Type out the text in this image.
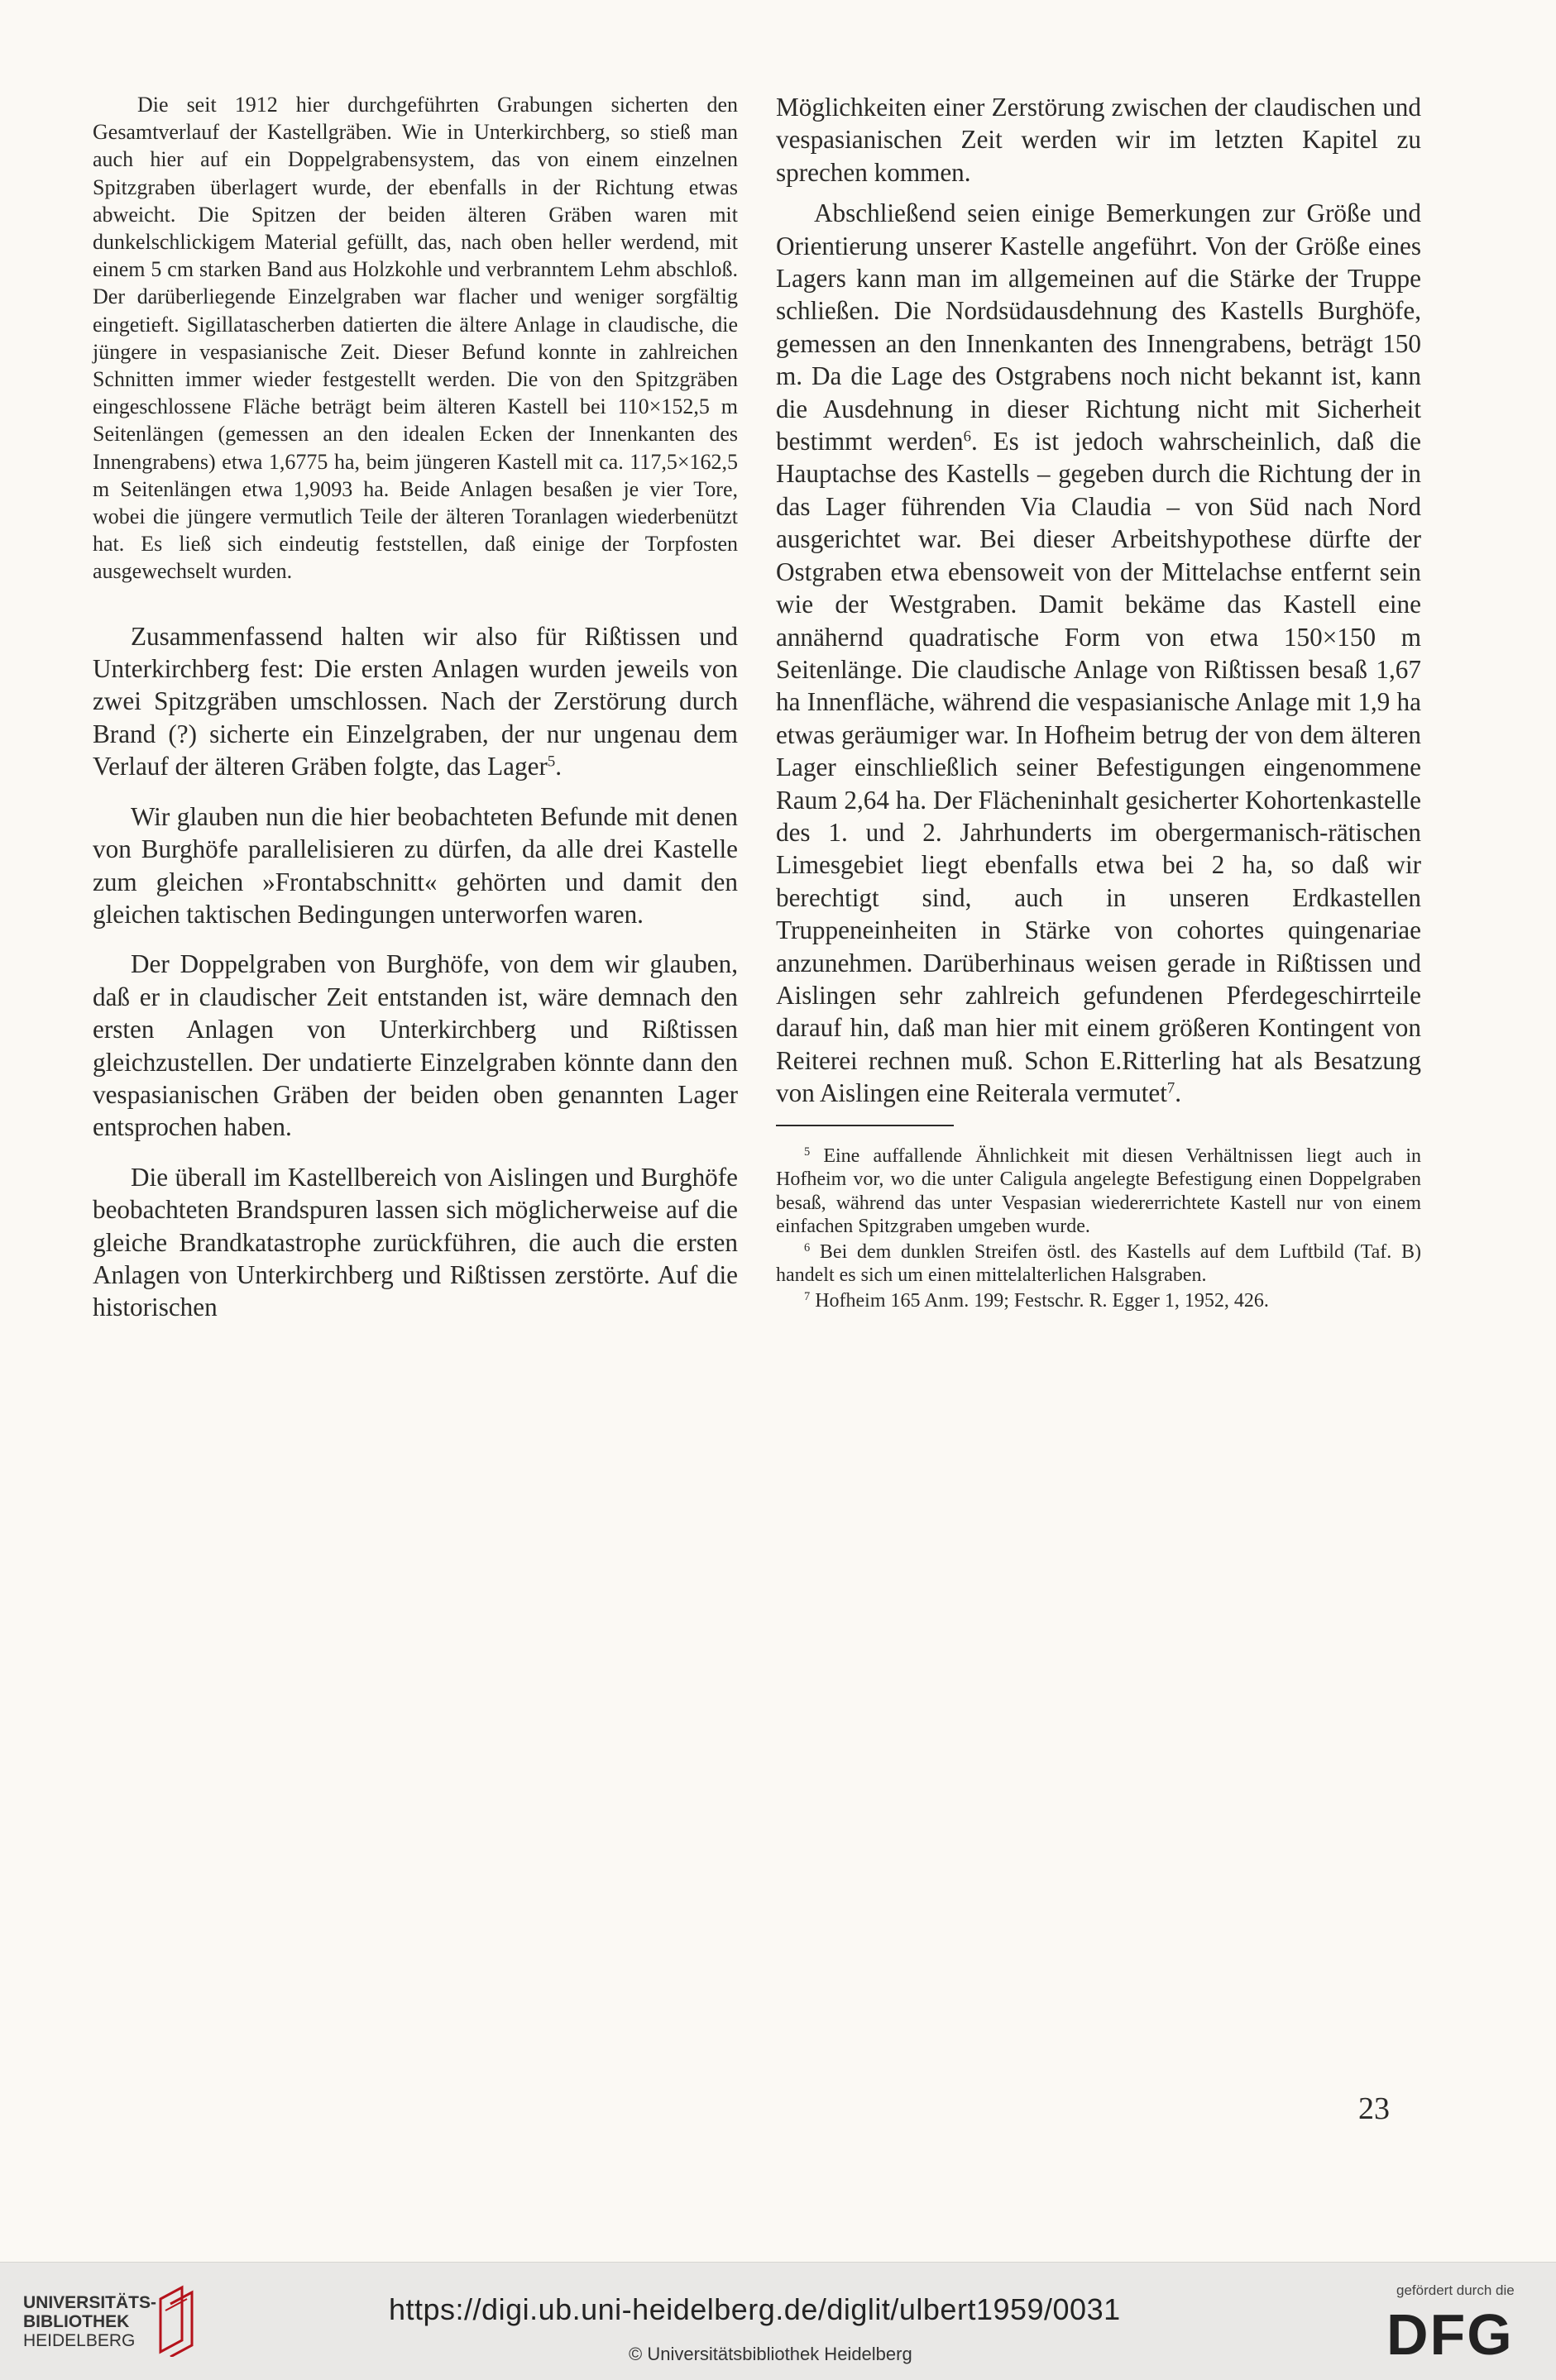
Die seit 1912 hier durchgeführten Grabungen sicherten den Gesamtverlauf der Kastellgräben. Wie in Unterkirchberg, so stieß man auch hier auf ein Doppelgrabensystem, das von einem einzelnen Spitzgraben überlagert wurde, der ebenfalls in der Richtung etwas abweicht. Die Spitzen der beiden älteren Gräben waren mit dunkelschlickigem Material gefüllt, das, nach oben heller werdend, mit einem 5 cm starken Band aus Holzkohle und verbranntem Lehm abschloß. Der darüberliegende Einzelgraben war flacher und weniger sorgfältig eingetieft. Sigillatascherben datierten die ältere Anlage in claudische, die jüngere in vespasianische Zeit. Dieser Befund konnte in zahlreichen Schnitten immer wieder festgestellt werden. Die von den Spitzgräben eingeschlossene Fläche beträgt beim älteren Kastell bei 110×152,5 m Seitenlängen (gemessen an den idealen Ecken der Innenkanten des Innengrabens) etwa 1,6775 ha, beim jüngeren Kastell mit ca. 117,5×162,5 m Seitenlängen etwa 1,9093 ha. Beide Anlagen besaßen je vier Tore, wobei die jüngere vermutlich Teile der älteren Toranlagen wiederbenützt hat. Es ließ sich eindeutig feststellen, daß einige der Torpfosten ausgewechselt wurden.

Zusammenfassend halten wir also für Rißtissen und Unterkirchberg fest: Die ersten Anlagen wurden jeweils von zwei Spitzgräben umschlossen. Nach der Zerstörung durch Brand (?) sicherte ein Einzelgraben, der nur ungenau dem Verlauf der älteren Gräben folgte, das Lager$^5$.

Wir glauben nun die hier beobachteten Befunde mit denen von Burghöfe parallelisieren zu dürfen, da alle drei Kastelle zum gleichen »Frontabschnitt« gehörten und damit den gleichen taktischen Bedingungen unterworfen waren.

Der Doppelgraben von Burghöfe, von dem wir glauben, daß er in claudischer Zeit entstanden ist, wäre demnach den ersten Anlagen von Unterkirchberg und Rißtissen gleichzustellen. Der undatierte Einzelgraben könnte dann den vespasianischen Gräben der beiden oben genannten Lager entsprochen haben.

Die überall im Kastellbereich von Aislingen und Burghöfe beobachteten Brandspuren lassen sich möglicherweise auf die gleiche Brandkatastrophe zurückführen, die auch die ersten Anlagen von Unterkirchberg und Rißtissen zerstörte. Auf die historischen

Möglichkeiten einer Zerstörung zwischen der claudischen und vespasianischen Zeit werden wir im letzten Kapitel zu sprechen kommen.

Abschließend seien einige Bemerkungen zur Größe und Orientierung unserer Kastelle angeführt. Von der Größe eines Lagers kann man im allgemeinen auf die Stärke der Truppe schließen. Die Nordsüdausdehnung des Kastells Burghöfe, gemessen an den Innenkanten des Innengrabens, beträgt 150 m. Da die Lage des Ostgrabens noch nicht bekannt ist, kann die Ausdehnung in dieser Richtung nicht mit Sicherheit bestimmt werden$^6$. Es ist jedoch wahrscheinlich, daß die Hauptachse des Kastells – gegeben durch die Richtung der in das Lager führenden Via Claudia – von Süd nach Nord ausgerichtet war. Bei dieser Arbeitshypothese dürfte der Ostgraben etwa ebensoweit von der Mittelachse entfernt sein wie der Westgraben. Damit bekäme das Kastell eine annähernd quadratische Form von etwa 150×150 m Seitenlänge. Die claudische Anlage von Rißtissen besaß 1,67 ha Innenfläche, während die vespasianische Anlage mit 1,9 ha etwas geräumiger war. In Hofheim betrug der von dem älteren Lager einschließlich seiner Befestigungen eingenommene Raum 2,64 ha. Der Flächeninhalt gesicherter Kohortenkastelle des 1. und 2. Jahrhunderts im obergermanisch-rätischen Limesgebiet liegt ebenfalls etwa bei 2 ha, so daß wir berechtigt sind, auch in unseren Erdkastellen Truppeneinheiten in Stärke von cohortes quingenariae anzunehmen. Darüberhinaus weisen gerade in Rißtissen und Aislingen sehr zahlreich gefundenen Pferdegeschirrteile darauf hin, daß man hier mit einem größeren Kontingent von Reiterei rechnen muß. Schon E.Ritterling hat als Besatzung von Aislingen eine Reiterala vermutet$^7$.

$^5$ Eine auffallende Ähnlichkeit mit diesen Verhältnissen liegt auch in Hofheim vor, wo die unter Caligula angelegte Befestigung einen Doppelgraben besaß, während das unter Vespasian wiedererrichtete Kastell nur von einem einfachen Spitzgraben umgeben wurde.

$^6$ Bei dem dunklen Streifen östl. des Kastells auf dem Luftbild (Taf. B) handelt es sich um einen mittelalterlichen Halsgraben.

$^7$ Hofheim 165 Anm. 199; Festschr. R. Egger 1, 1952, 426.

23
UNIVERSITÄTS-
BIBLIOTHEK
HEIDELBERG
https://digi.ub.uni-heidelberg.de/diglit/ulbert1959/0031
© Universitätsbibliothek Heidelberg
gefördert durch die
DFG
